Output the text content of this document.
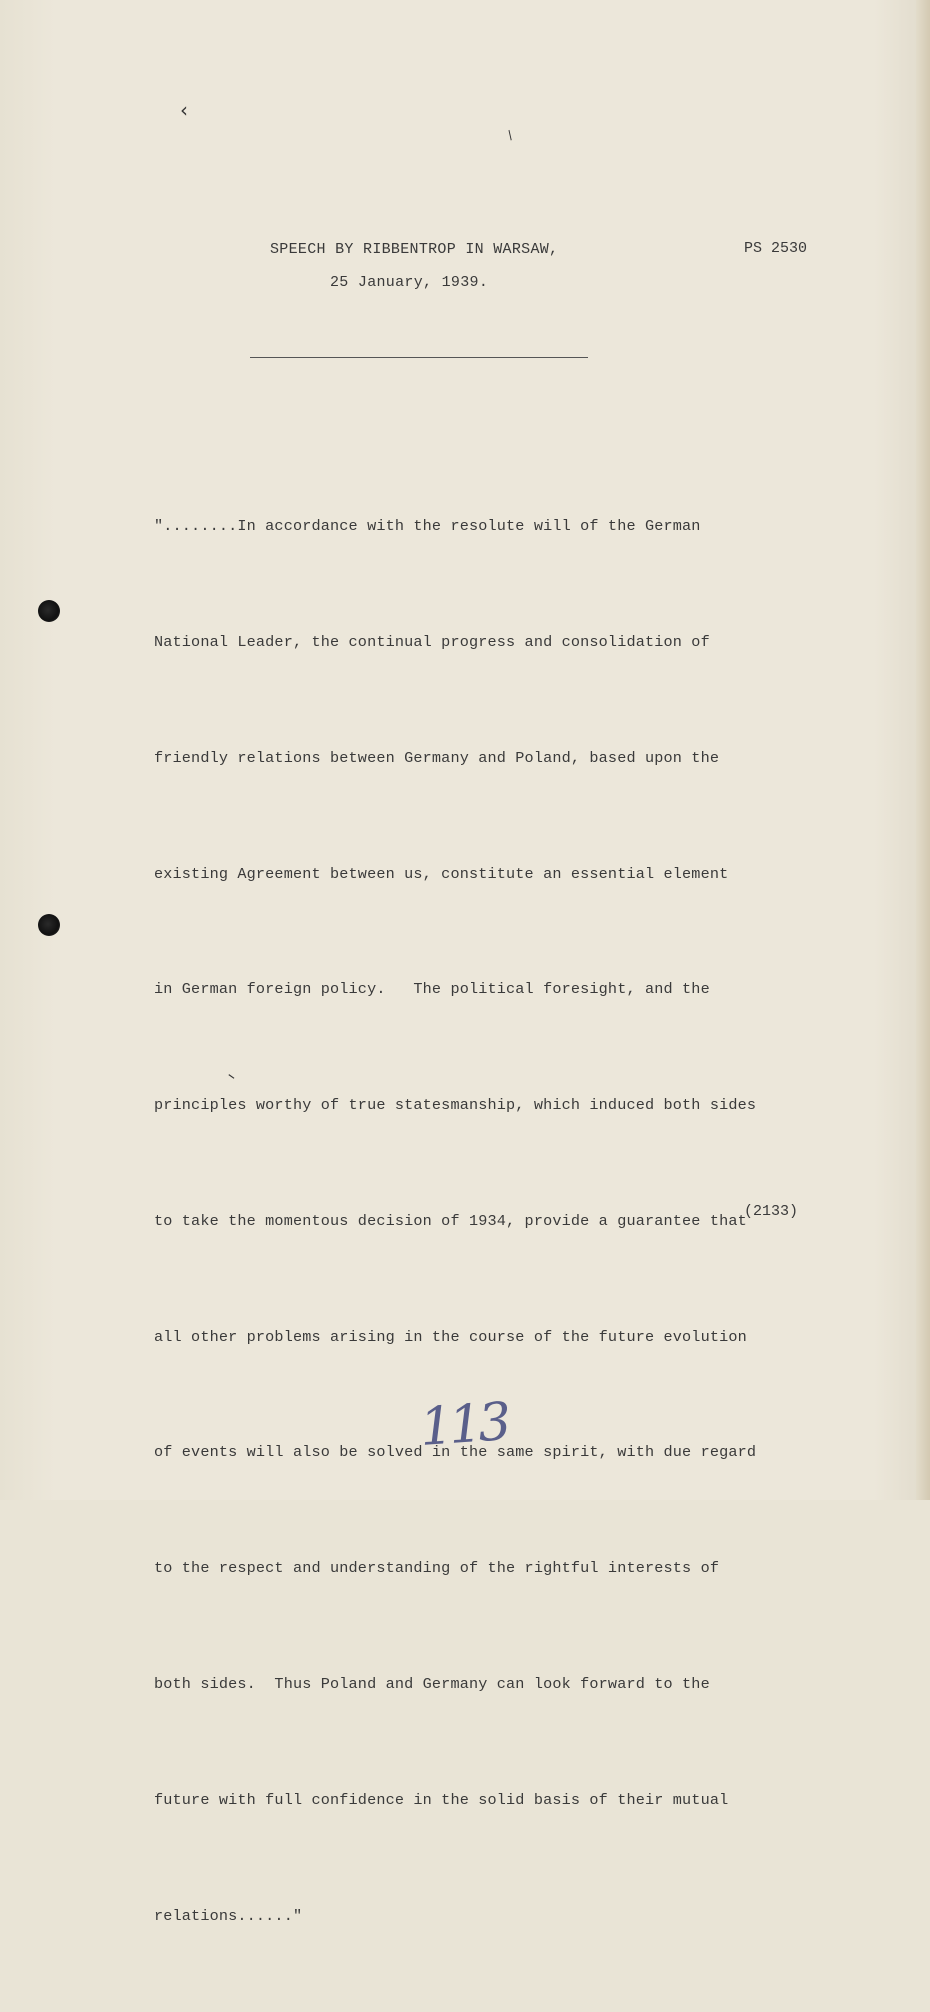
‹
/
–
SPEECH BY RIBBENTROP IN WARSAW,
25 January, 1939.
PS 2530

"........In accordance with the resolute will of the German

National Leader, the continual progress and consolidation of

friendly relations between Germany and Poland, based upon the

existing Agreement between us, constitute an essential element

in German foreign policy.   The political foresight, and the

principles worthy of true statesmanship, which induced both sides

to take the momentous decision of 1934, provide a guarantee that

all other problems arising in the course of the future evolution

of events will also be solved in the same spirit, with due regard

to the respect and understanding of the rightful interests of

both sides.  Thus Poland and Germany can look forward to the

future with full confidence in the solid basis of their mutual

relations......"

(2133)
113
